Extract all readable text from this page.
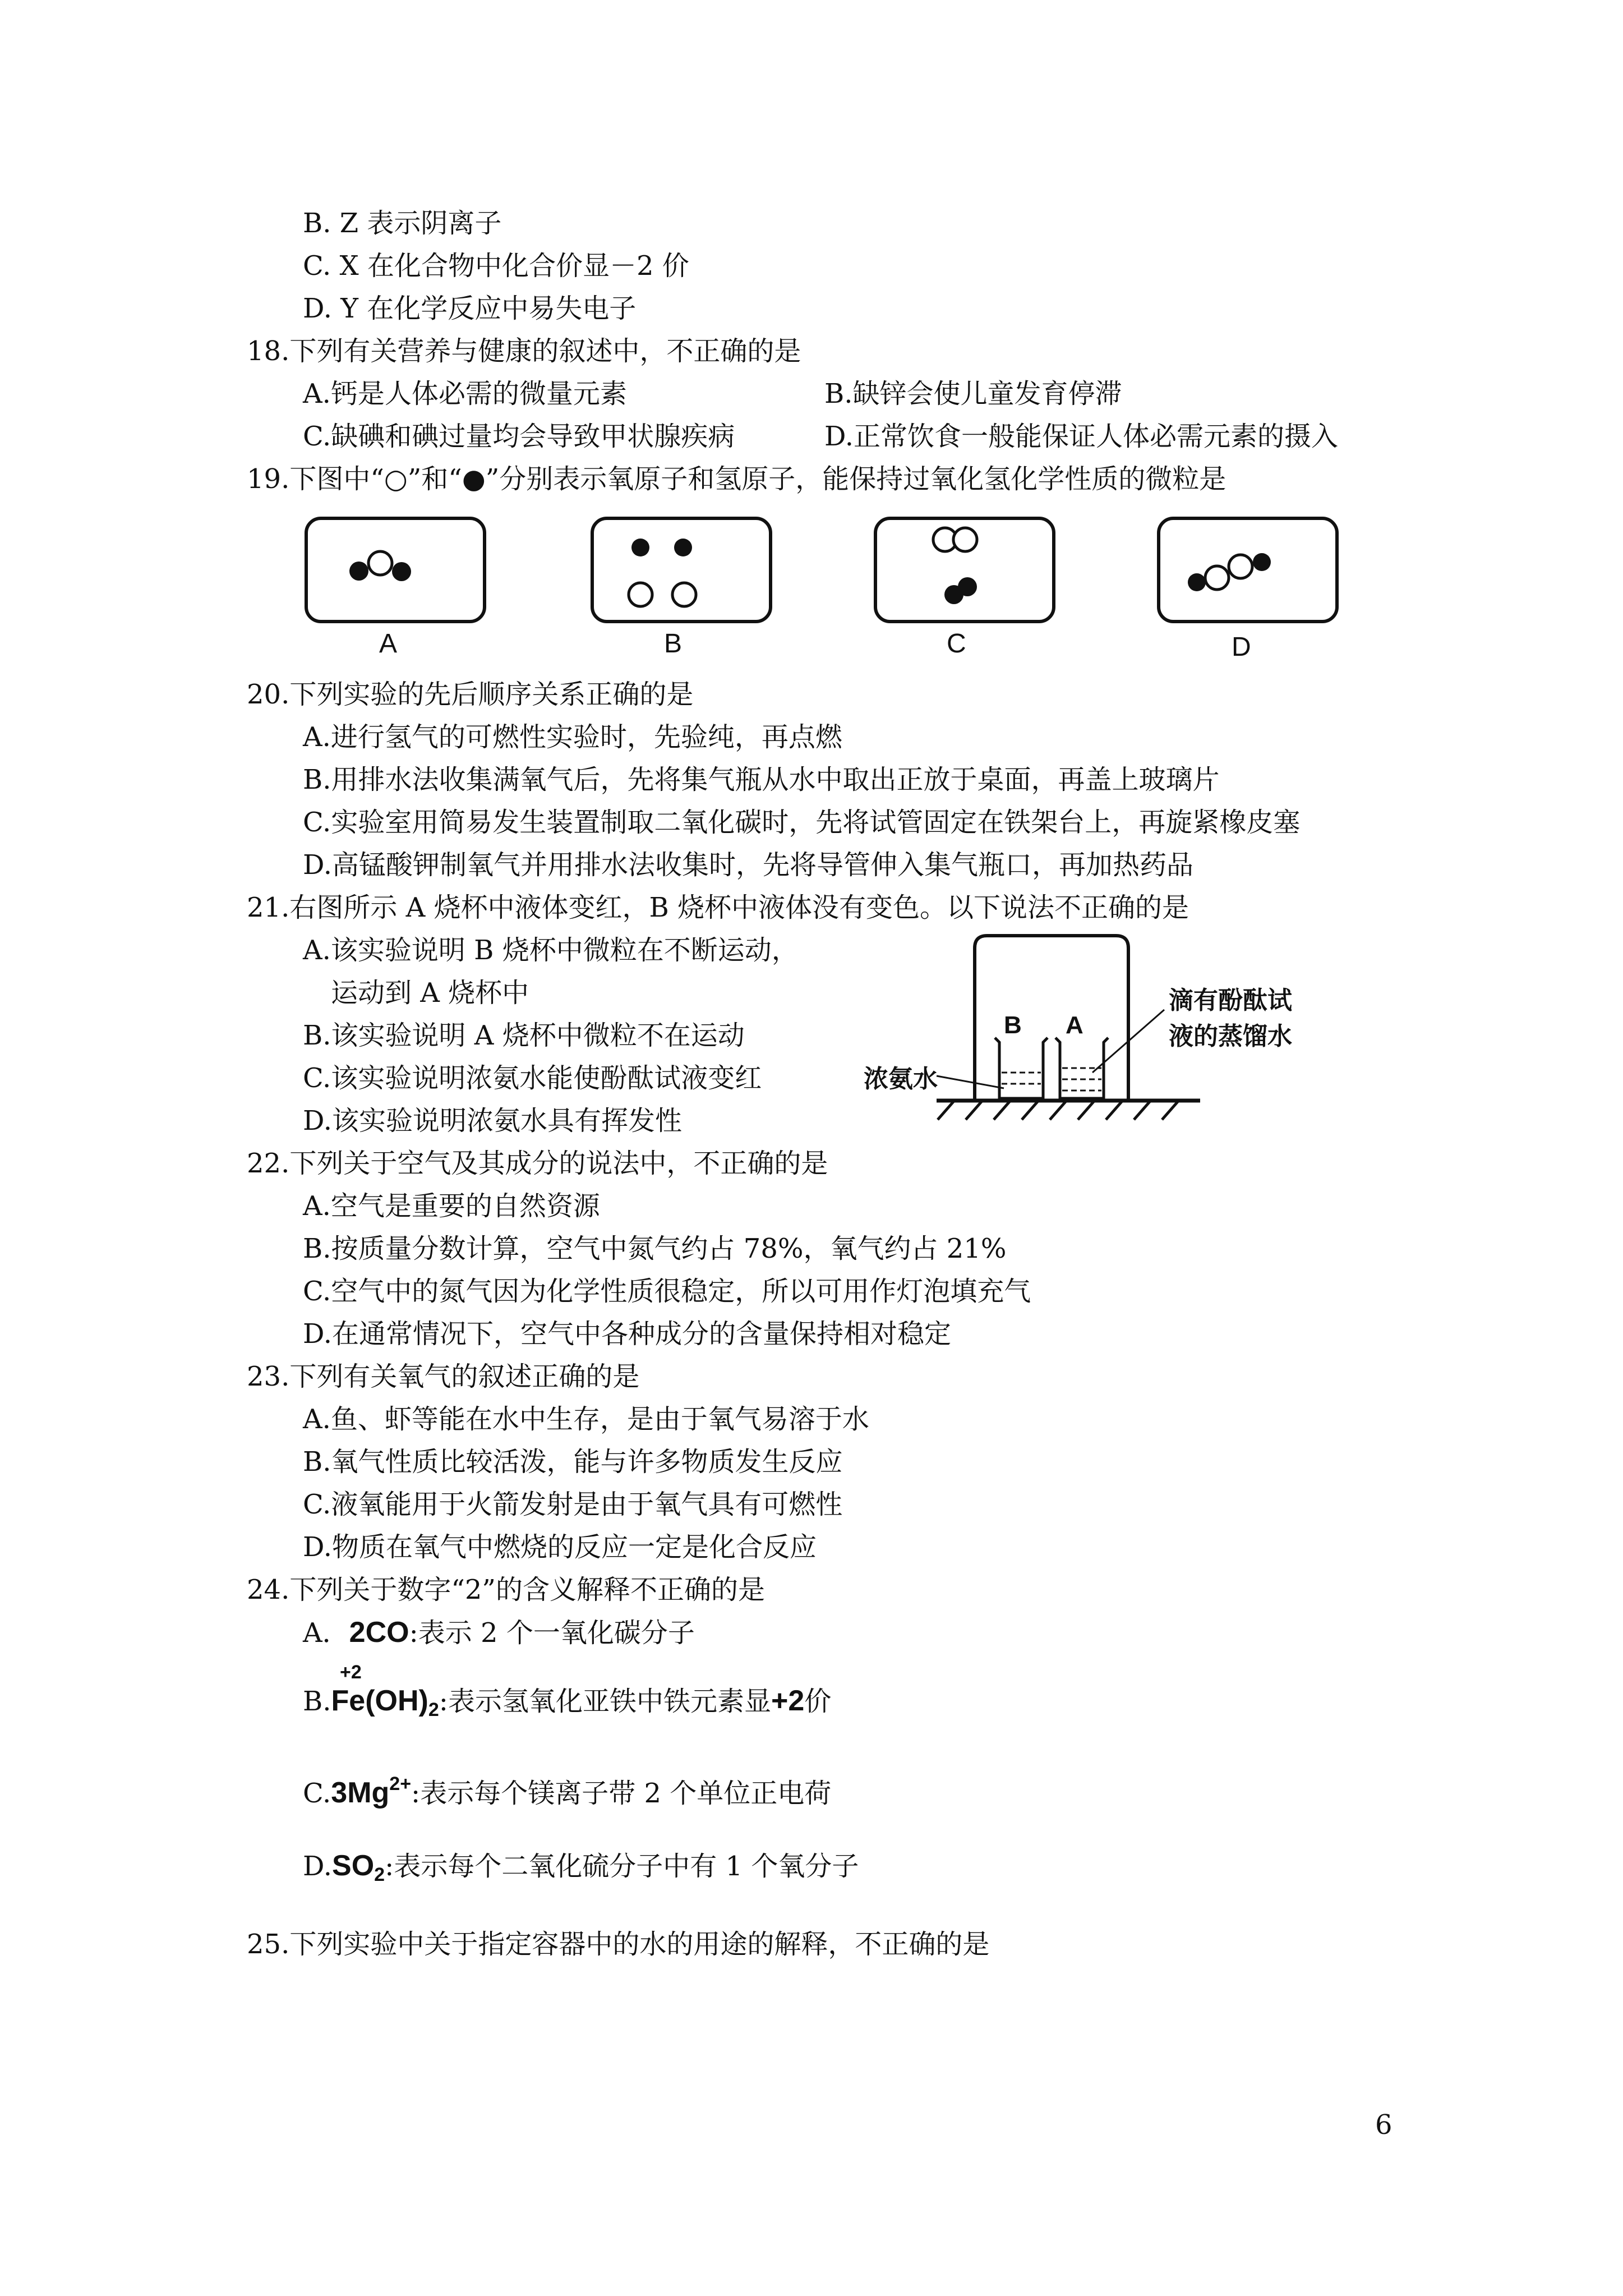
B. Z 表示阴离子
C. X 在化合物中化合价显－2 价
D. Y 在化学反应中易失电子
18.下列有关营养与健康的叙述中，不正确的是
A.钙是人体必需的微量元素	B.缺锌会使儿童发育停滞
C.缺碘和碘过量均会导致甲状腺疾病	D.正常饮食一般能保证人体必需元素的摄入
19.下图中“○”和“●”分别表示氧原子和氢原子，能保持过氧化氢化学性质的微粒是
A	B	C	D
20.下列实验的先后顺序关系正确的是
A.进行氢气的可燃性实验时，先验纯，再点燃
B.用排水法收集满氧气后，先将集气瓶从水中取出正放于桌面，再盖上玻璃片
C.实验室用简易发生装置制取二氧化碳时，先将试管固定在铁架台上，再旋紧橡皮塞
D.高锰酸钾制氧气并用排水法收集时，先将导管伸入集气瓶口，再加热药品
21.右图所示 A 烧杯中液体变红，B 烧杯中液体没有变色。以下说法不正确的是
A.该实验说明 B 烧杯中微粒在不断运动，
运动到 A 烧杯中
B.该实验说明 A 烧杯中微粒不在运动
C.该实验说明浓氨水能使酚酞试液变红
D.该实验说明浓氨水具有挥发性
B A
滴有酚酞试
液的蒸馏水
浓氨水
22.下列关于空气及其成分的说法中，不正确的是
A.空气是重要的自然资源
B.按质量分数计算，空气中氮气约占 78%，氧气约占 21%
C.空气中的氮气因为化学性质很稳定，所以可用作灯泡填充气
D.在通常情况下，空气中各种成分的含量保持相对稳定
23.下列有关氧气的叙述正确的是
A.鱼、虾等能在水中生存，是由于氧气易溶于水
B.氧气性质比较活泼，能与许多物质发生反应
C.液氧能用于火箭发射是由于氧气具有可燃性
D.物质在氧气中燃烧的反应一定是化合反应
24.下列关于数字“2”的含义解释不正确的是
A．2CO:表示 2 个一氧化碳分子
+2
$B.Fe(OH)_2$:表示氢氧化亚铁中铁元素显+2价
$C.3Mg^{2+}$:表示每个镁离子带 2 个单位正电荷
$D.SO_2$:表示每个二氧化硫分子中有 1 个氧分子
25.下列实验中关于指定容器中的水的用途的解释，不正确的是
6
